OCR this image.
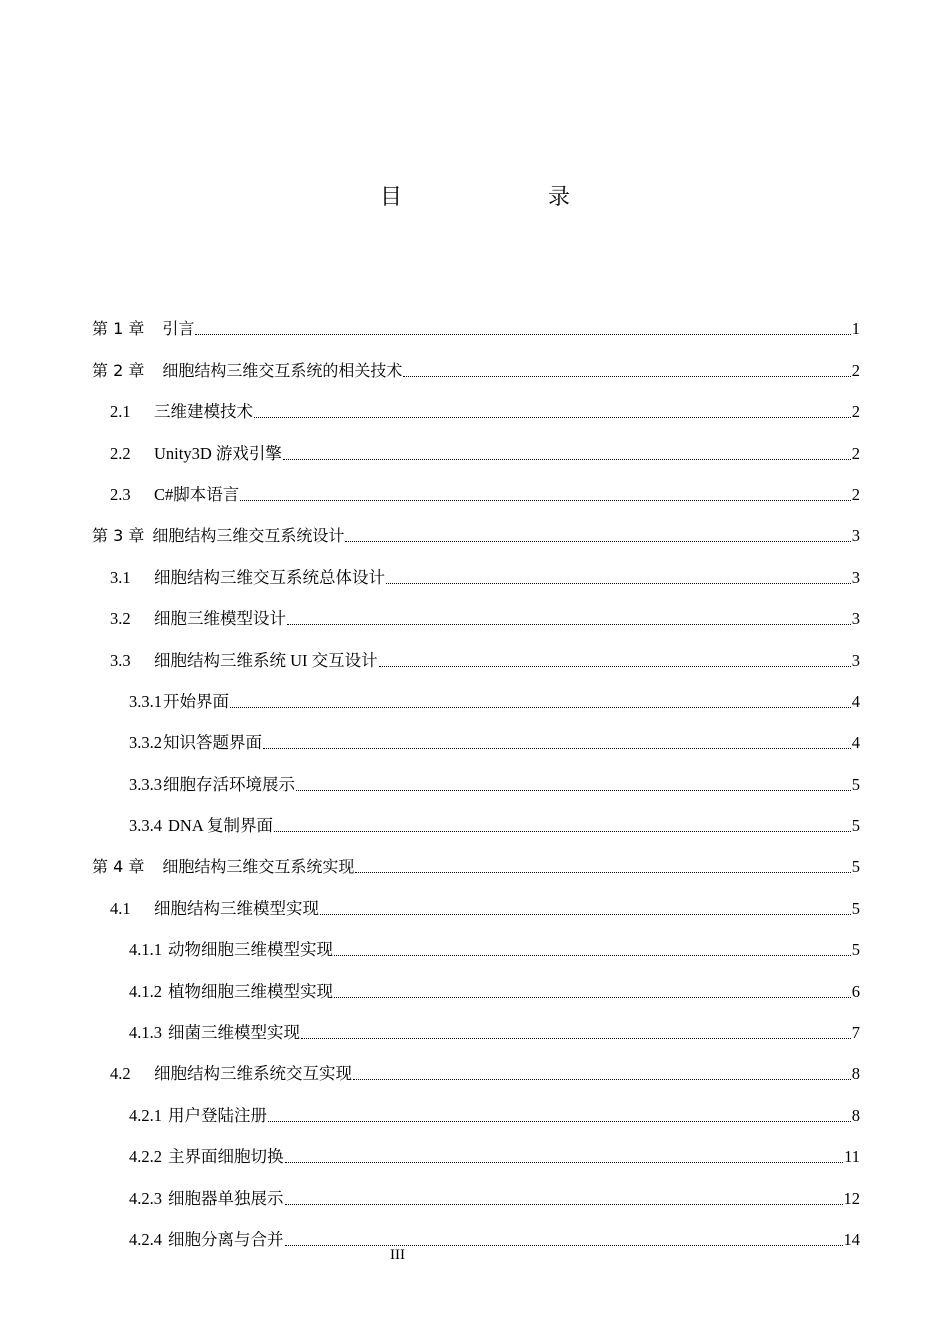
目　　录
第 1 章 引言	1
第 2 章 细胞结构三维交互系统的相关技术	2
2.1	三维建模技术	2
2.2	Unity3D 游戏引擎	2
2.3	C#脚本语言	2
第 3 章 细胞结构三维交互系统设计	3
3.1	细胞结构三维交互系统总体设计	3
3.2	细胞三维模型设计	3
3.3	细胞结构三维系统 UI 交互设计	3
3.3.1 开始界面	4
3.3.2 知识答题界面	4
3.3.3 细胞存活环境展示	5
3.3.4 DNA 复制界面	5
第 4 章 细胞结构三维交互系统实现	5
4.1	细胞结构三维模型实现	5
4.1.1 动物细胞三维模型实现	5
4.1.2 植物细胞三维模型实现	6
4.1.3 细菌三维模型实现	7
4.2	细胞结构三维系统交互实现	8
4.2.1 用户登陆注册	8
4.2.2 主界面细胞切换	11
4.2.3 细胞器单独展示	12
4.2.4 细胞分离与合并	14
III
